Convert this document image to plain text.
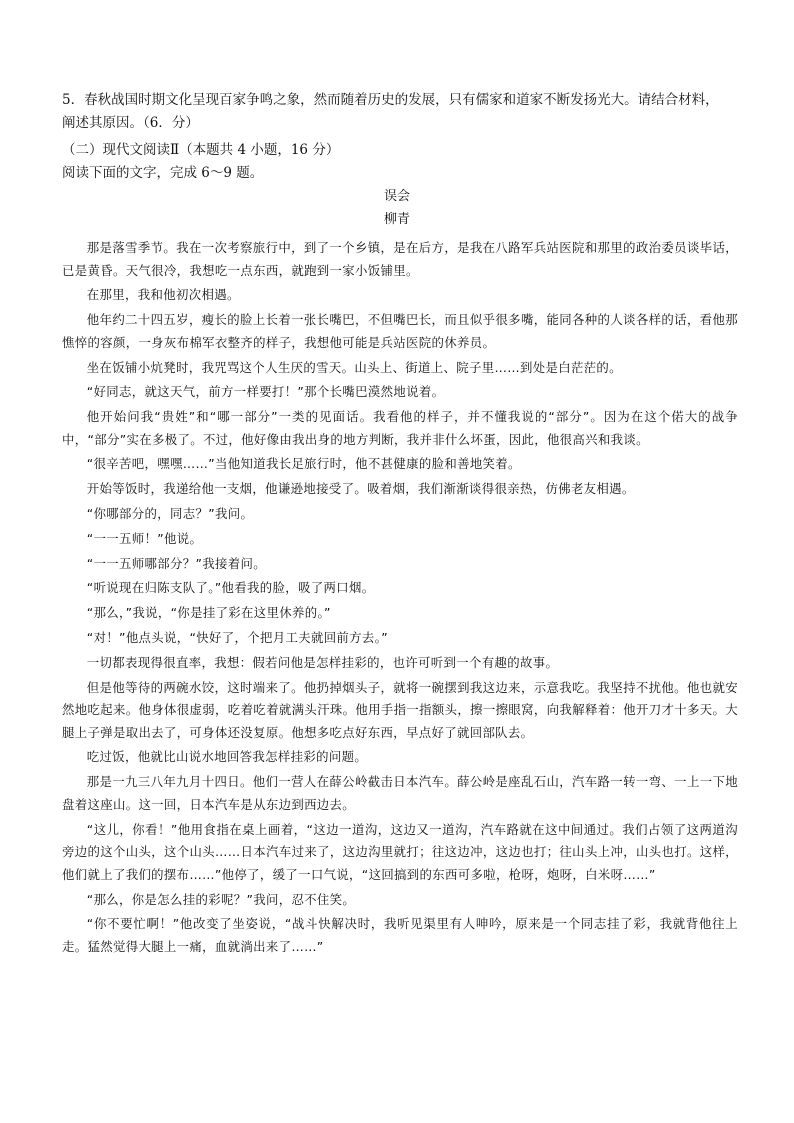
5．春秋战国时期文化呈现百家争鸣之象，然而随着历史的发展，只有儒家和道家不断发扬光大。请结合材料，
阐述其原因。（6．分）
（二）现代文阅读Ⅱ（本题共 4 小题，16 分）
阅读下面的文字，完成 6～9 题。
误会
柳青

那是落雪季节。我在一次考察旅行中，到了一个乡镇，是在后方，是我在八路军兵站医院和那里的政治委员谈毕话，已是黄昏。天气很冷，我想吃一点东西，就跑到一家小饭铺里。

在那里，我和他初次相遇。

他年约二十四五岁，瘦长的脸上长着一张长嘴巴，不但嘴巴长，而且似乎很多嘴，能同各种的人谈各样的话，看他那憔悴的容颜，一身灰布棉军衣整齐的样子，我想他可能是兵站医院的休养员。

坐在饭铺小炕凳时，我咒骂这个人生厌的雪天。山头上、街道上、院子里……到处是白茫茫的。

“好同志，就这天气，前方一样要打！”那个长嘴巴漠然地说着。

他开始问我“贵姓”和“哪一部分”一类的见面话。我看他的样子，并不懂我说的“部分”。因为在这个偌大的战争中，“部分”实在多极了。不过，他好像由我出身的地方判断，我并非什么坏蛋，因此，他很高兴和我谈。

“很辛苦吧，嘿嘿……”当他知道我长足旅行时，他不甚健康的脸和善地笑着。

开始等饭时，我递给他一支烟，他谦逊地接受了。吸着烟，我们渐渐谈得很亲热，仿佛老友相遇。

“你哪部分的，同志？”我问。

“一一五师！”他说。

“一一五师哪部分？”我接着问。

“听说现在归陈支队了。”他看我的脸，吸了两口烟。

“那么，”我说，“你是挂了彩在这里休养的。”

“对！”他点头说，“快好了，个把月工夫就回前方去。”

一切都表现得很直率，我想：假若问他是怎样挂彩的，也许可听到一个有趣的故事。

但是他等待的两碗水饺，这时端来了。他扔掉烟头子，就将一碗摆到我这边来，示意我吃。我坚持不扰他。他也就安然地吃起来。他身体很虚弱，吃着吃着就满头汗珠。他用手指一指额头，擦一擦眼窝，向我解释着：他开刀才十多天。大腿上子弹是取出去了，可身体还没复原。他想多吃点好东西，早点好了就回部队去。

吃过饭，他就比山说水地回答我怎样挂彩的问题。

那是一九三八年九月十四日。他们一营人在薛公岭截击日本汽车。薛公岭是座乱石山，汽车路一转一弯、一上一下地盘着这座山。这一回，日本汽车是从东边到西边去。

“这儿，你看！”他用食指在桌上画着，“这边一道沟，这边又一道沟，汽车路就在这中间通过。我们占领了这两道沟旁边的这个山头，这个山头……日本汽车过来了，这边沟里就打；往这边冲，这边也打；往山头上冲，山头也打。这样，他们就上了我们的摆布……”他停了，缓了一口气说，“这回搞到的东西可多啦，枪呀，炮呀，白米呀……”

“那么，你是怎么挂的彩呢？”我问，忍不住笑。

“你不要忙啊！”他改变了坐姿说，“战斗快解决时，我听见渠里有人呻吟，原来是一个同志挂了彩，我就背他往上走。猛然觉得大腿上一痛，血就淌出来了……”
